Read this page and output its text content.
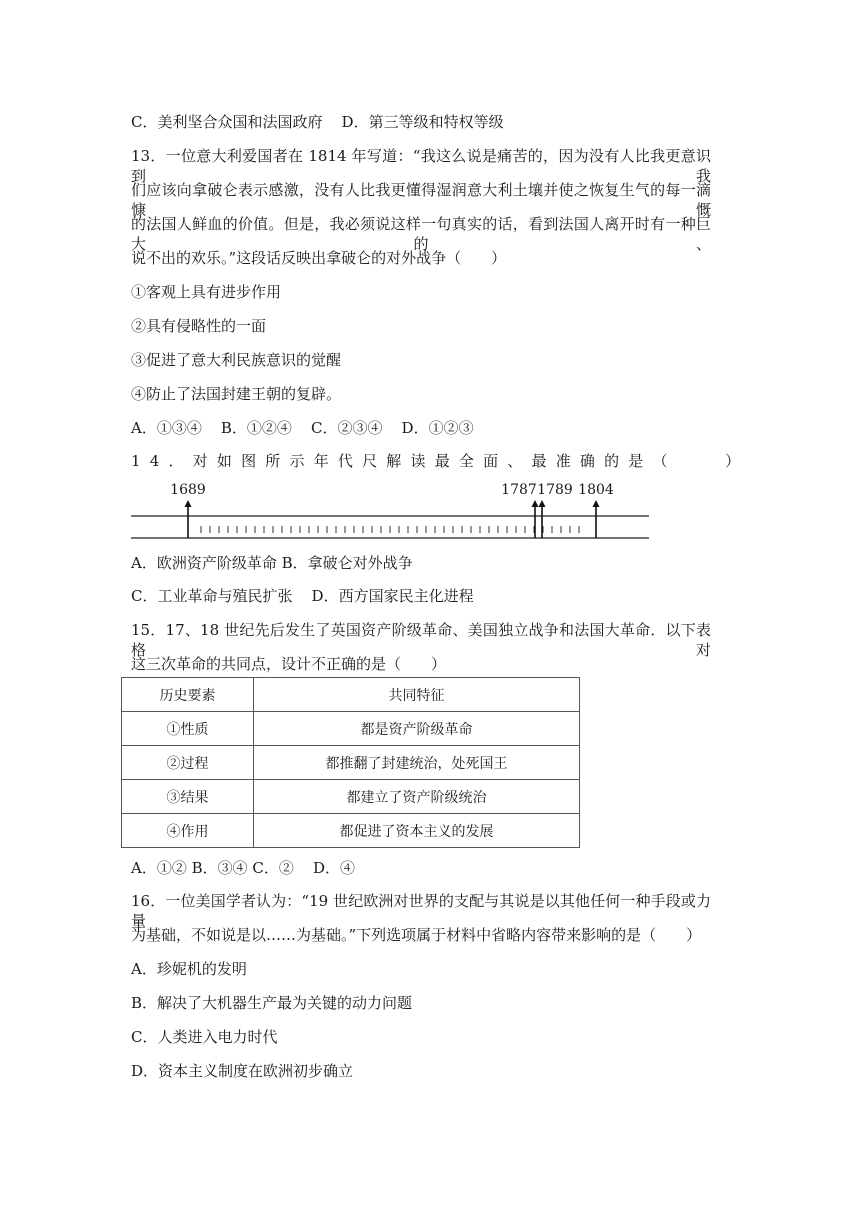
C．美利坚合众国和法国政府    D．第三等级和特权等级
13．一位意大利爱国者在 1814 年写道：“我这么说是痛苦的，因为没有人比我更意识到我
们应该向拿破仑表示感激，没有人比我更懂得湿润意大利土壤并使之恢复生气的每一滴慷慨
的法国人鲜血的价值。但是，我必须说这样一句真实的话，看到法国人离开时有一种巨大的、
说不出的欢乐。”这段话反映出拿破仑的对外战争（　　）
①客观上具有进步作用
②具有侵略性的一面
③促进了意大利民族意识的觉醒
④防止了法国封建王朝的复辟。
A．①③④    B．①②④    C．②③④    D．①②③
14．对如图所示年代尺解读最全面、最准确的是（　　）
1689	1787 1789 1804
A．欧洲资产阶级革命 B．拿破仑对外战争
C．工业革命与殖民扩张    D．西方国家民主化进程
15．17、18 世纪先后发生了英国资产阶级革命、美国独立战争和法国大革命．以下表格对
这三次革命的共同点，设计不正确的是（　　）
历史要素	共同特征
①性质	都是资产阶级革命
②过程	都推翻了封建统治，处死国王
③结果	都建立了资产阶级统治
④作用	都促进了资本主义的发展
A．①② B．③④ C．②    D．④
16．一位美国学者认为：“19 世纪欧洲对世界的支配与其说是以其他任何一种手段或力量
为基础，不如说是以……为基础。”下列选项属于材料中省略内容带来影响的是（　　）
A．珍妮机的发明
B．解决了大机器生产最为关键的动力问题
C．人类进入电力时代
D．资本主义制度在欧洲初步确立
